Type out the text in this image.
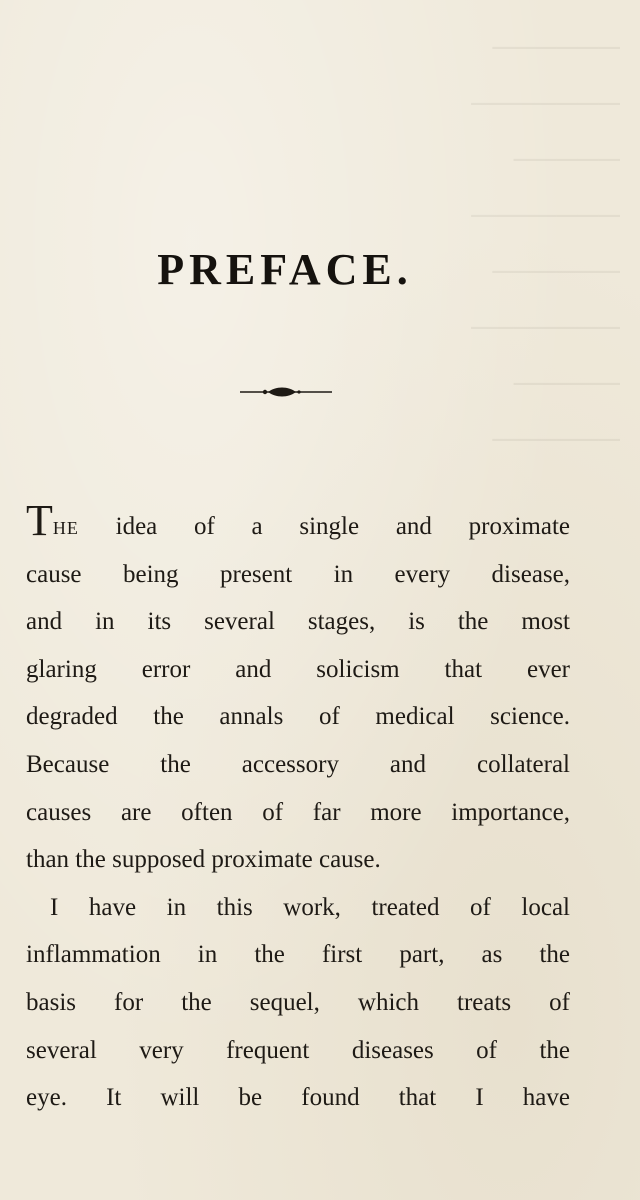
──────
───────
─────
───────
──────
───────
─────
──────
PREFACE.
The idea of a single and proximate
cause being present in every disease,
and in its several stages, is the most
glaring error and solicism that ever
degraded the annals of medical science.
Because the accessory and collateral
causes are often of far more importance,
than the supposed proximate cause.
I have in this work, treated of local
inflammation in the first part, as the
basis for the sequel, which treats of
several very frequent diseases of the
eye. It will be found that I have
